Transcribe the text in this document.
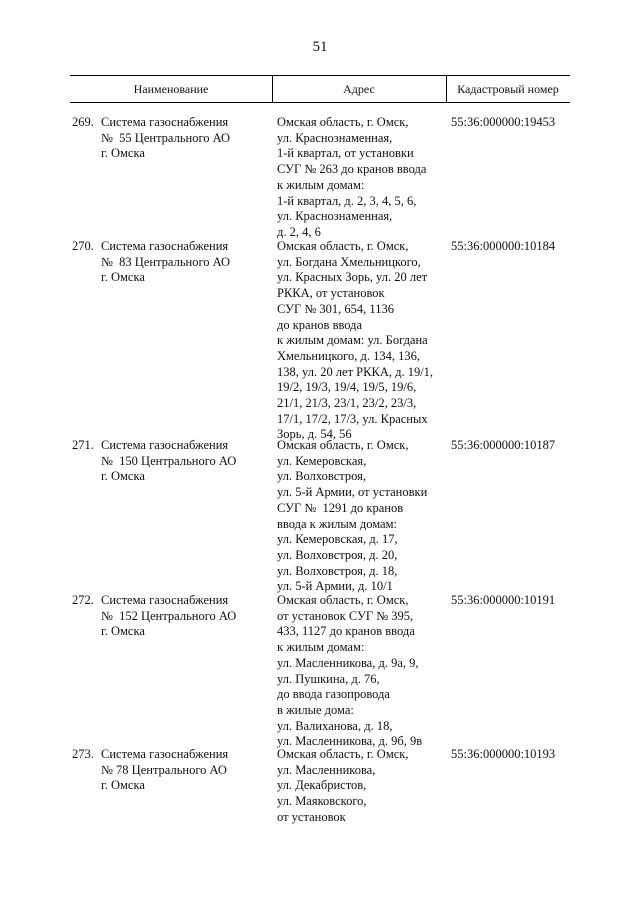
51
Наименование	Адрес	Кадастровый номер
269. Система газоснабжения
№  55 Центрального АО
г. Омска
Омская область, г. Омск,
ул. Краснознаменная,
1-й квартал, от установки
СУГ № 263 до кранов ввода
к жилым домам:
1-й квартал, д. 2, 3, 4, 5, 6,
ул. Краснознаменная,
д. 2, 4, 6
55:36:000000:19453
270. Система газоснабжения
№  83 Центрального АО
г. Омска
Омская область, г. Омск,
ул. Богдана Хмельницкого,
ул. Красных Зорь, ул. 20 лет
РККА, от установок
СУГ № 301, 654, 1136
до кранов ввода
к жилым домам: ул. Богдана
Хмельницкого, д. 134, 136,
138, ул. 20 лет РККА, д. 19/1,
19/2, 19/3, 19/4, 19/5, 19/6,
21/1, 21/3, 23/1, 23/2, 23/3,
17/1, 17/2, 17/3, ул. Красных
Зорь, д. 54, 56
55:36:000000:10184
271. Система газоснабжения
№  150 Центрального АО
г. Омска
Омская область, г. Омск,
ул. Кемеровская,
ул. Волховстроя,
ул. 5-й Армии, от установки
СУГ №  1291 до кранов
ввода к жилым домам:
ул. Кемеровская, д. 17,
ул. Волховстроя, д. 20,
ул. Волховстроя, д. 18,
ул. 5-й Армии, д. 10/1
55:36:000000:10187
272. Система газоснабжения
№  152 Центрального АО
г. Омска
Омская область, г. Омск,
от установок СУГ № 395,
433, 1127 до кранов ввода
к жилым домам:
ул. Масленникова, д. 9а, 9,
ул. Пушкина, д. 76,
до ввода газопровода
в жилые дома:
ул. Валиханова, д. 18,
ул. Масленникова, д. 9б, 9в
55:36:000000:10191
273. Система газоснабжения
№ 78 Центрального АО
г. Омска
Омская область, г. Омск,
ул. Масленникова,
ул. Декабристов,
ул. Маяковского,
от установок
55:36:000000:10193
